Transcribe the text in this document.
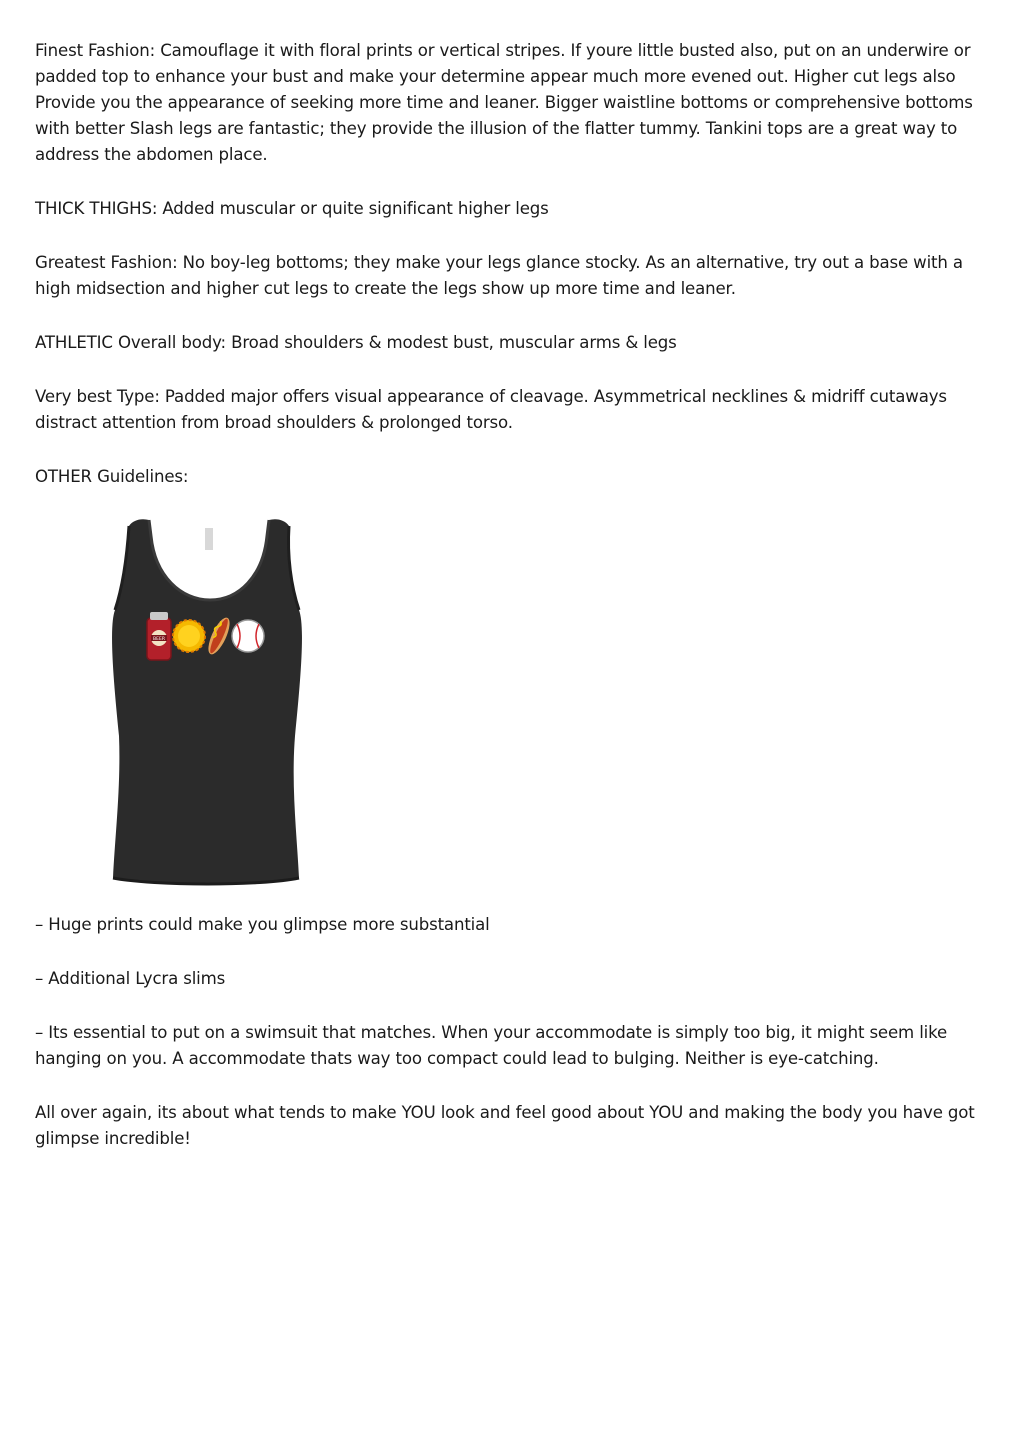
Finest Fashion: Camouflage it with floral prints or vertical stripes. If youre little busted also, put on an underwire or padded top to enhance your bust and make your determine appear much more evened out. Higher cut legs also Provide you the appearance of seeking more time and leaner. Bigger waistline bottoms or comprehensive bottoms with better Slash legs are fantastic; they provide the illusion of the flatter tummy. Tankini tops are a great way to address the abdomen place.

THICK THIGHS: Added muscular or quite significant higher legs

Greatest Fashion: No boy-leg bottoms; they make your legs glance stocky. As an alternative, try out a base with a high midsection and higher cut legs to create the legs show up more time and leaner.

ATHLETIC Overall body: Broad shoulders & modest bust, muscular arms & legs

Very best Type: Padded major offers visual appearance of cleavage. Asymmetrical necklines & midriff cutaways distract attention from broad shoulders & prolonged torso.

OTHER Guidelines:

BEER

– Huge prints could make you glimpse more substantial

– Additional Lycra slims

– Its essential to put on a swimsuit that matches. When your accommodate is simply too big, it might seem like hanging on you. A accommodate thats way too compact could lead to bulging. Neither is eye-catching.

All over again, its about what tends to make YOU look and feel good about YOU and making the body you have got glimpse incredible!
